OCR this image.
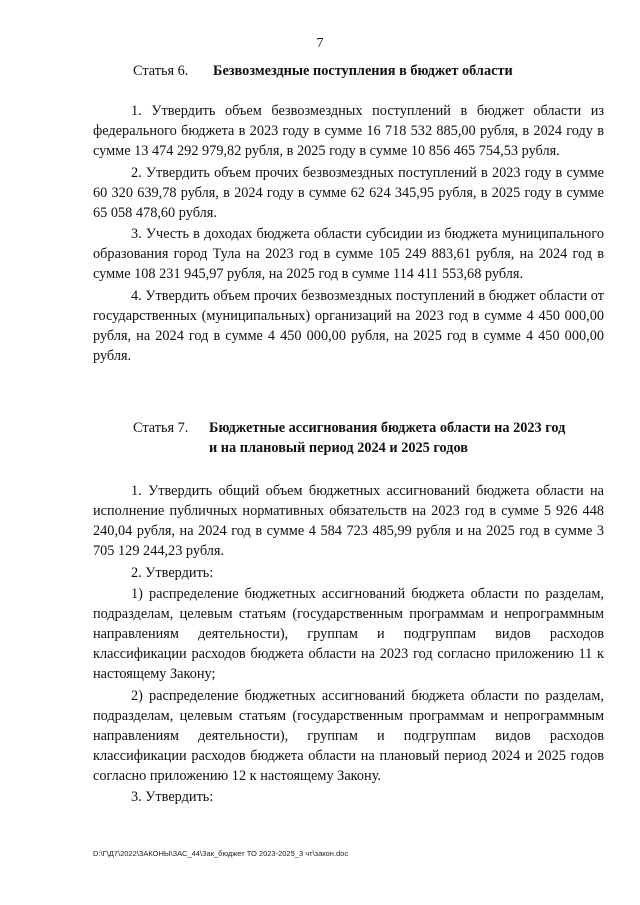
7
Статья 6. Безвозмездные поступления в бюджет области

1. Утвердить объем безвозмездных поступлений в бюджет области из федерального бюджета в 2023 году в сумме 16 718 532 885,00 рубля, в 2024 году в сумме 13 474 292 979,82 рубля, в 2025 году в сумме 10 856 465 754,53 рубля.

2. Утвердить объем прочих безвозмездных поступлений в 2023 году в сумме 60 320 639,78 рубля, в 2024 году в сумме 62 624 345,95 рубля, в 2025 году в сумме 65 058 478,60 рубля.

3. Учесть в доходах бюджета области субсидии из бюджета муниципального образования город Тула на 2023 год в сумме 105 249 883,61 рубля, на 2024 год в сумме 108 231 945,97 рубля, на 2025 год в сумме 114 411 553,68 рубля.

4. Утвердить объем прочих безвозмездных поступлений в бюджет области от государственных (муниципальных) организаций на 2023 год в сумме 4 450 000,00 рубля, на 2024 год в сумме 4 450 000,00 рубля, на 2025 год в сумме 4 450 000,00 рубля.

Статья 7. Бюджетные ассигнования бюджета области на 2023 год
и на плановый период 2024 и 2025 годов

1. Утвердить общий объем бюджетных ассигнований бюджета области на исполнение публичных нормативных обязательств на 2023 год в сумме 5 926 448 240,04 рубля, на 2024 год в сумме 4 584 723 485,99 рубля и на 2025 год в сумме 3 705 129 244,23 рубля.

2. Утвердить:

1) распределение бюджетных ассигнований бюджета области по разделам, подразделам, целевым статьям (государственным программам и непрограммным направлениям деятельности), группам и подгруппам видов расходов классификации расходов бюджета области на 2023 год согласно приложению 11 к настоящему Закону;

2) распределение бюджетных ассигнований бюджета области по разделам, подразделам, целевым статьям (государственным программам и непрограммным направлениям деятельности), группам и подгруппам видов расходов классификации расходов бюджета области на плановый период 2024 и 2025 годов согласно приложению 12 к настоящему Закону.

3. Утвердить:

D:\Г\Д7\2022\ЗАКОНЫ\ЗАС_44\Зак_бюджет ТО 2023-2025_3 чт\закон.doc
